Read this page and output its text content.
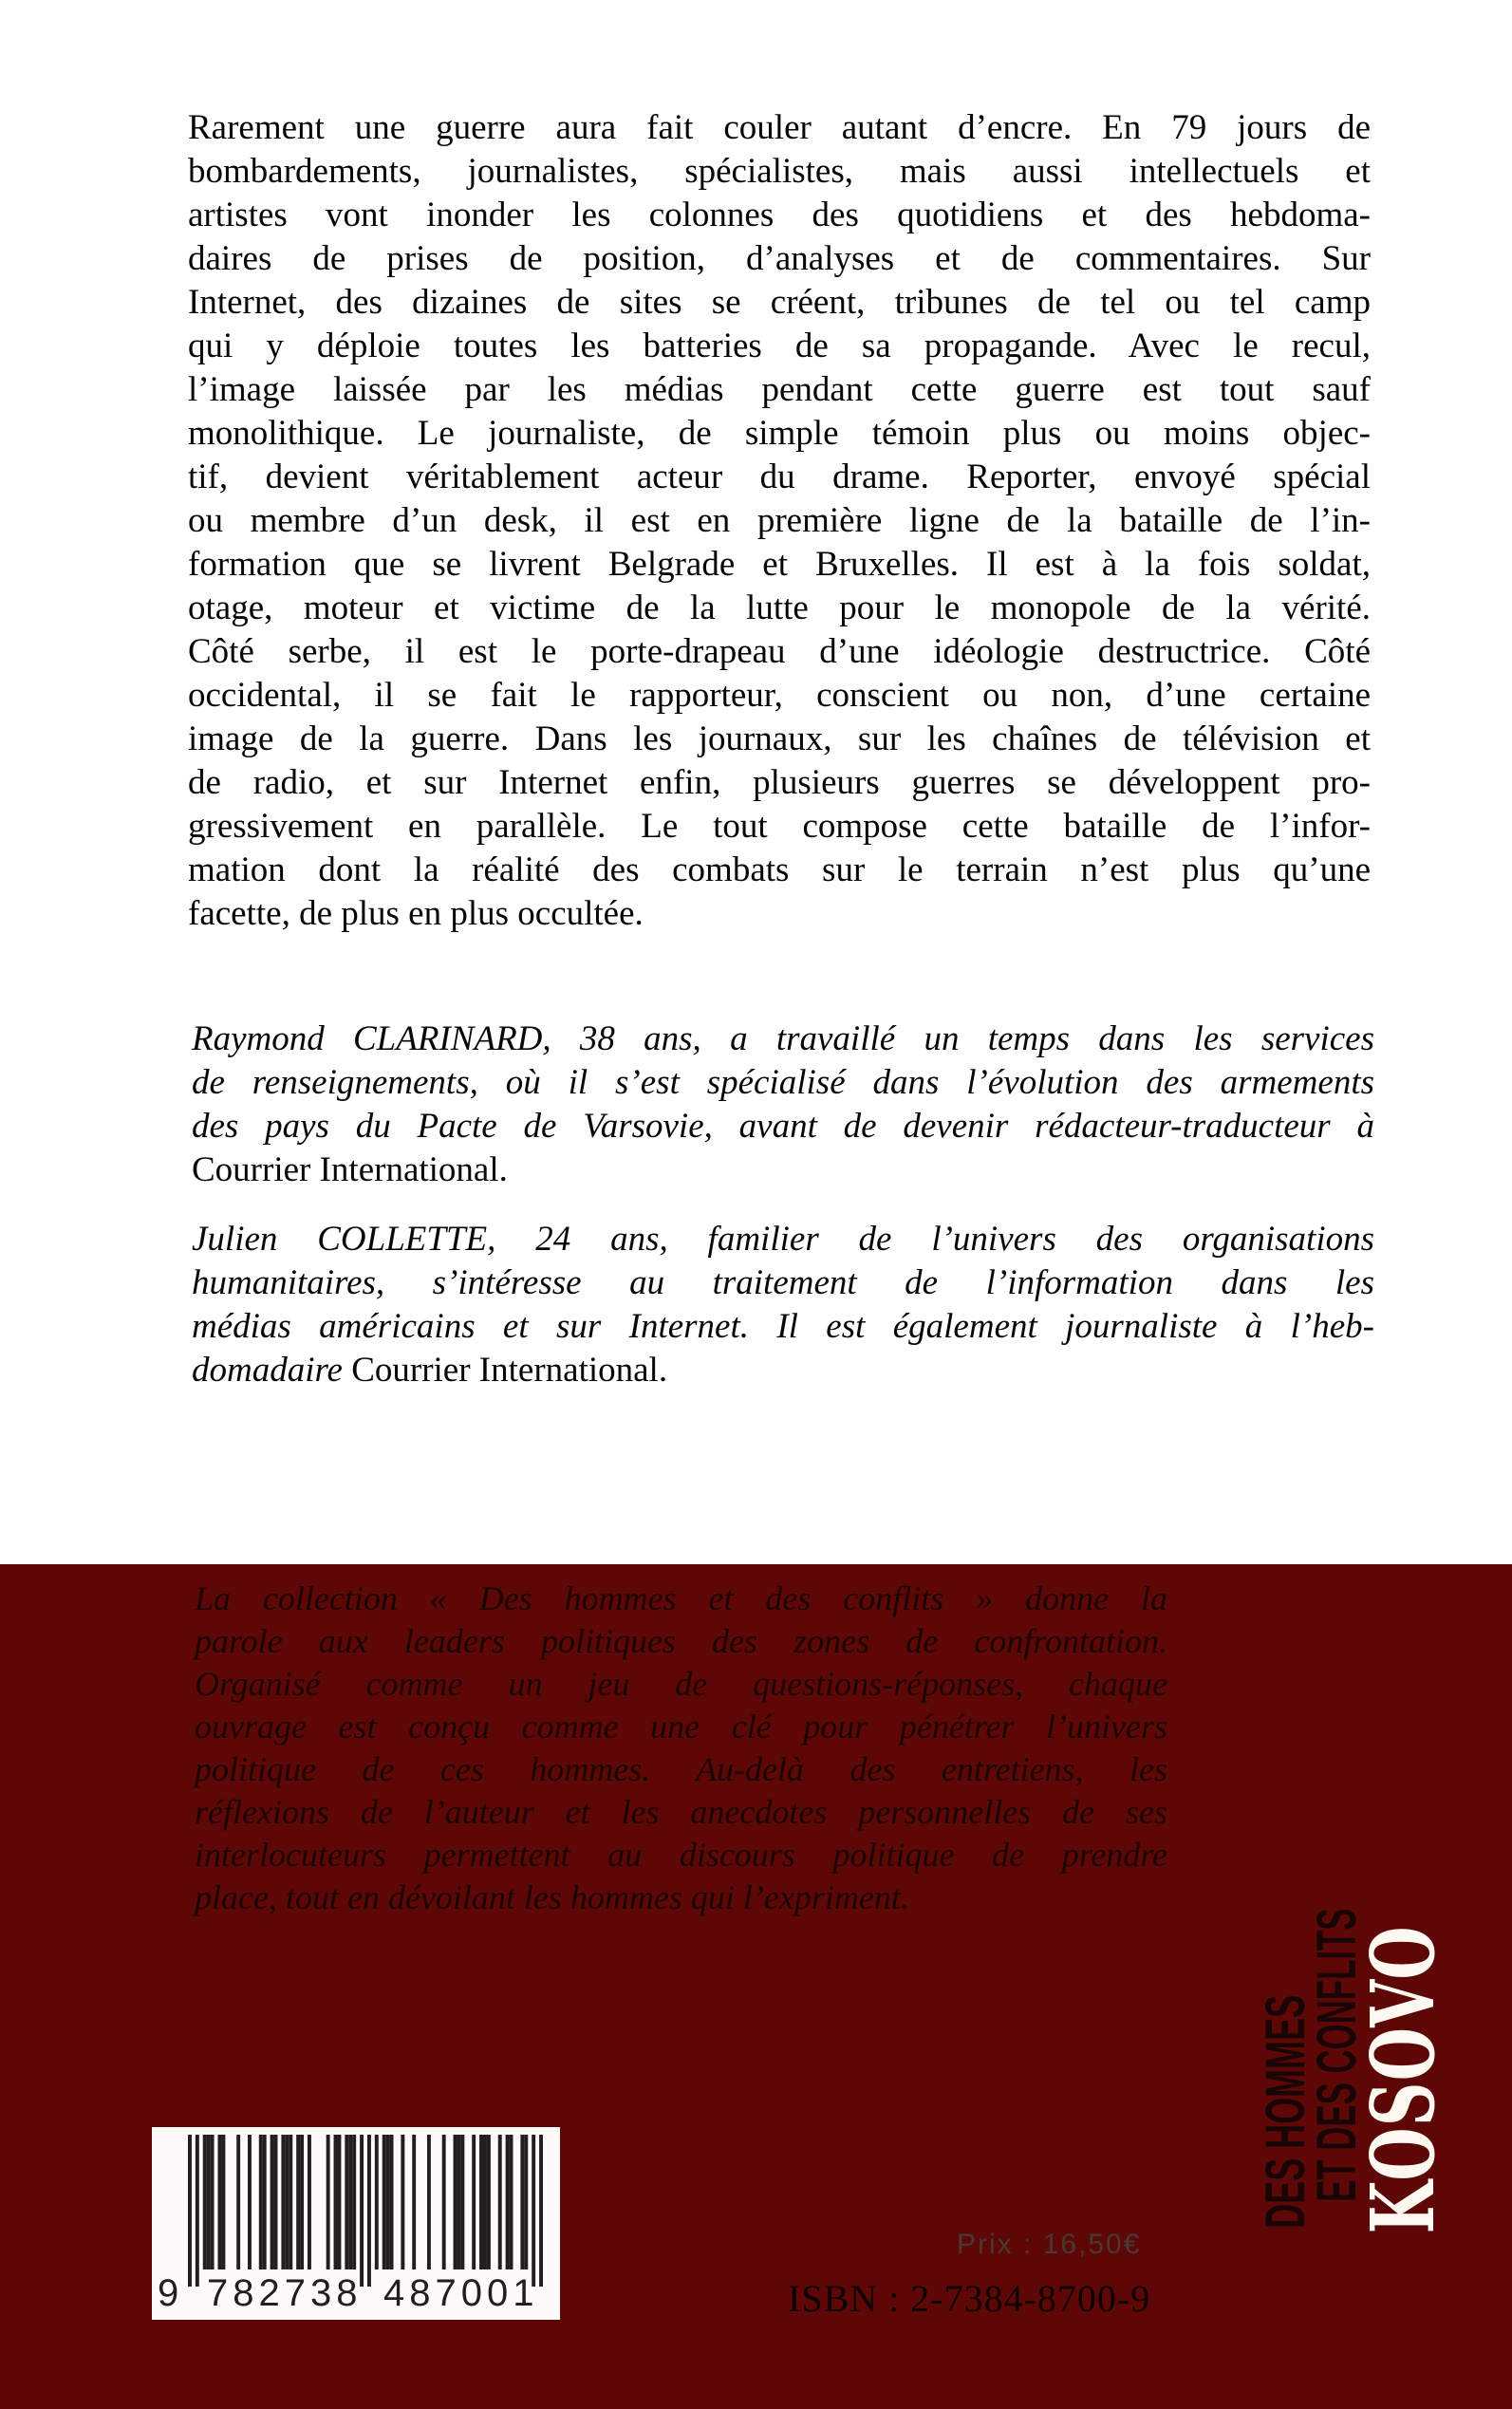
Rarement une guerre aura fait couler autant d’encre. En 79 jours de
bombardements, journalistes, spécialistes, mais aussi intellectuels et
artistes vont inonder les colonnes des quotidiens et des hebdoma-
daires de prises de position, d’analyses et de commentaires. Sur
Internet, des dizaines de sites se créent, tribunes de tel ou tel camp
qui y déploie toutes les batteries de sa propagande. Avec le recul,
l’image laissée par les médias pendant cette guerre est tout sauf
monolithique. Le journaliste, de simple témoin plus ou moins objec-
tif, devient véritablement acteur du drame. Reporter, envoyé spécial
ou membre d’un desk, il est en première ligne de la bataille de l’in-
formation que se livrent Belgrade et Bruxelles. Il est à la fois soldat,
otage, moteur et victime de la lutte pour le monopole de la vérité.
Côté serbe, il est le porte-drapeau d’une idéologie destructrice. Côté
occidental, il se fait le rapporteur, conscient ou non, d’une certaine
image de la guerre. Dans les journaux, sur les chaînes de télévision et
de radio, et sur Internet enfin, plusieurs guerres se développent pro-
gressivement en parallèle. Le tout compose cette bataille de l’infor-
mation dont la réalité des combats sur le terrain n’est plus qu’une
facette, de plus en plus occultée.
Raymond CLARINARD, 38 ans, a travaillé un temps dans les services
de renseignements, où il s’est spécialisé dans l’évolution des armements
des pays du Pacte de Varsovie, avant de devenir rédacteur-traducteur à
Courrier International.
Julien COLLETTE, 24 ans, familier de l’univers des organisations
humanitaires, s’intéresse au traitement de l’information dans les
médias américains et sur Internet. Il est également journaliste à l’heb-
domadaire Courrier International.
La collection « Des hommes et des conflits » donne la
parole aux leaders politiques des zones de confrontation.
Organisé comme un jeu de questions-réponses, chaque
ouvrage est conçu comme une clé pour pénétrer l’univers
politique de ces hommes. Au-delà des entretiens, les
réflexions de l’auteur et les anecdotes personnelles de ses
interlocuteurs permettent au discours politique de prendre
place, tout en dévoilant les hommes qui l’expriment.
9 782738 487001
Prix : 16,50€
ISBN : 2-7384-8700-9
DES HOMMES
ET DES CONFLITS
KOSOVO
